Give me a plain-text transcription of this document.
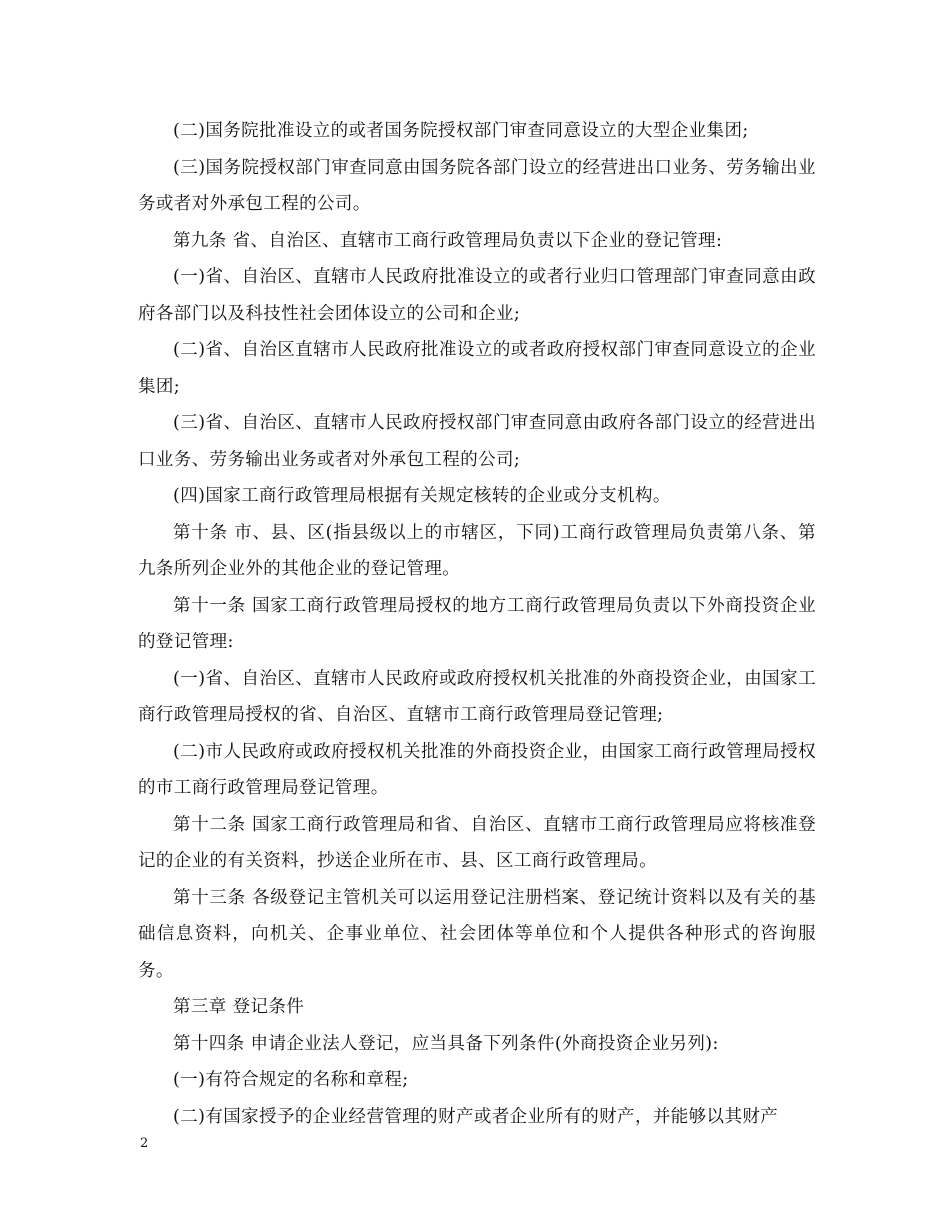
(二)国务院批准设立的或者国务院授权部门审查同意设立的大型企业集团;

(三)国务院授权部门审查同意由国务院各部门设立的经营进出口业务、劳务输出业务或者对外承包工程的公司。

第九条 省、自治区、直辖市工商行政管理局负责以下企业的登记管理:

(一)省、自治区、直辖市人民政府批准设立的或者行业归口管理部门审查同意由政府各部门以及科技性社会团体设立的公司和企业;

(二)省、自治区直辖市人民政府批准设立的或者政府授权部门审查同意设立的企业集团;

(三)省、自治区、直辖市人民政府授权部门审查同意由政府各部门设立的经营进出口业务、劳务输出业务或者对外承包工程的公司;

(四)国家工商行政管理局根据有关规定核转的企业或分支机构。

第十条 市、县、区(指县级以上的市辖区，下同)工商行政管理局负责第八条、第九条所列企业外的其他企业的登记管理。

第十一条 国家工商行政管理局授权的地方工商行政管理局负责以下外商投资企业的登记管理:

(一)省、自治区、直辖市人民政府或政府授权机关批准的外商投资企业，由国家工商行政管理局授权的省、自治区、直辖市工商行政管理局登记管理;

(二)市人民政府或政府授权机关批准的外商投资企业，由国家工商行政管理局授权的市工商行政管理局登记管理。

第十二条 国家工商行政管理局和省、自治区、直辖市工商行政管理局应将核准登记的企业的有关资料，抄送企业所在市、县、区工商行政管理局。

第十三条 各级登记主管机关可以运用登记注册档案、登记统计资料以及有关的基础信息资料，向机关、企事业单位、社会团体等单位和个人提供各种形式的咨询服务。

第三章 登记条件

第十四条 申请企业法人登记，应当具备下列条件(外商投资企业另列):

(一)有符合规定的名称和章程;

(二)有国家授予的企业经营管理的财产或者企业所有的财产，并能够以其财产

2
